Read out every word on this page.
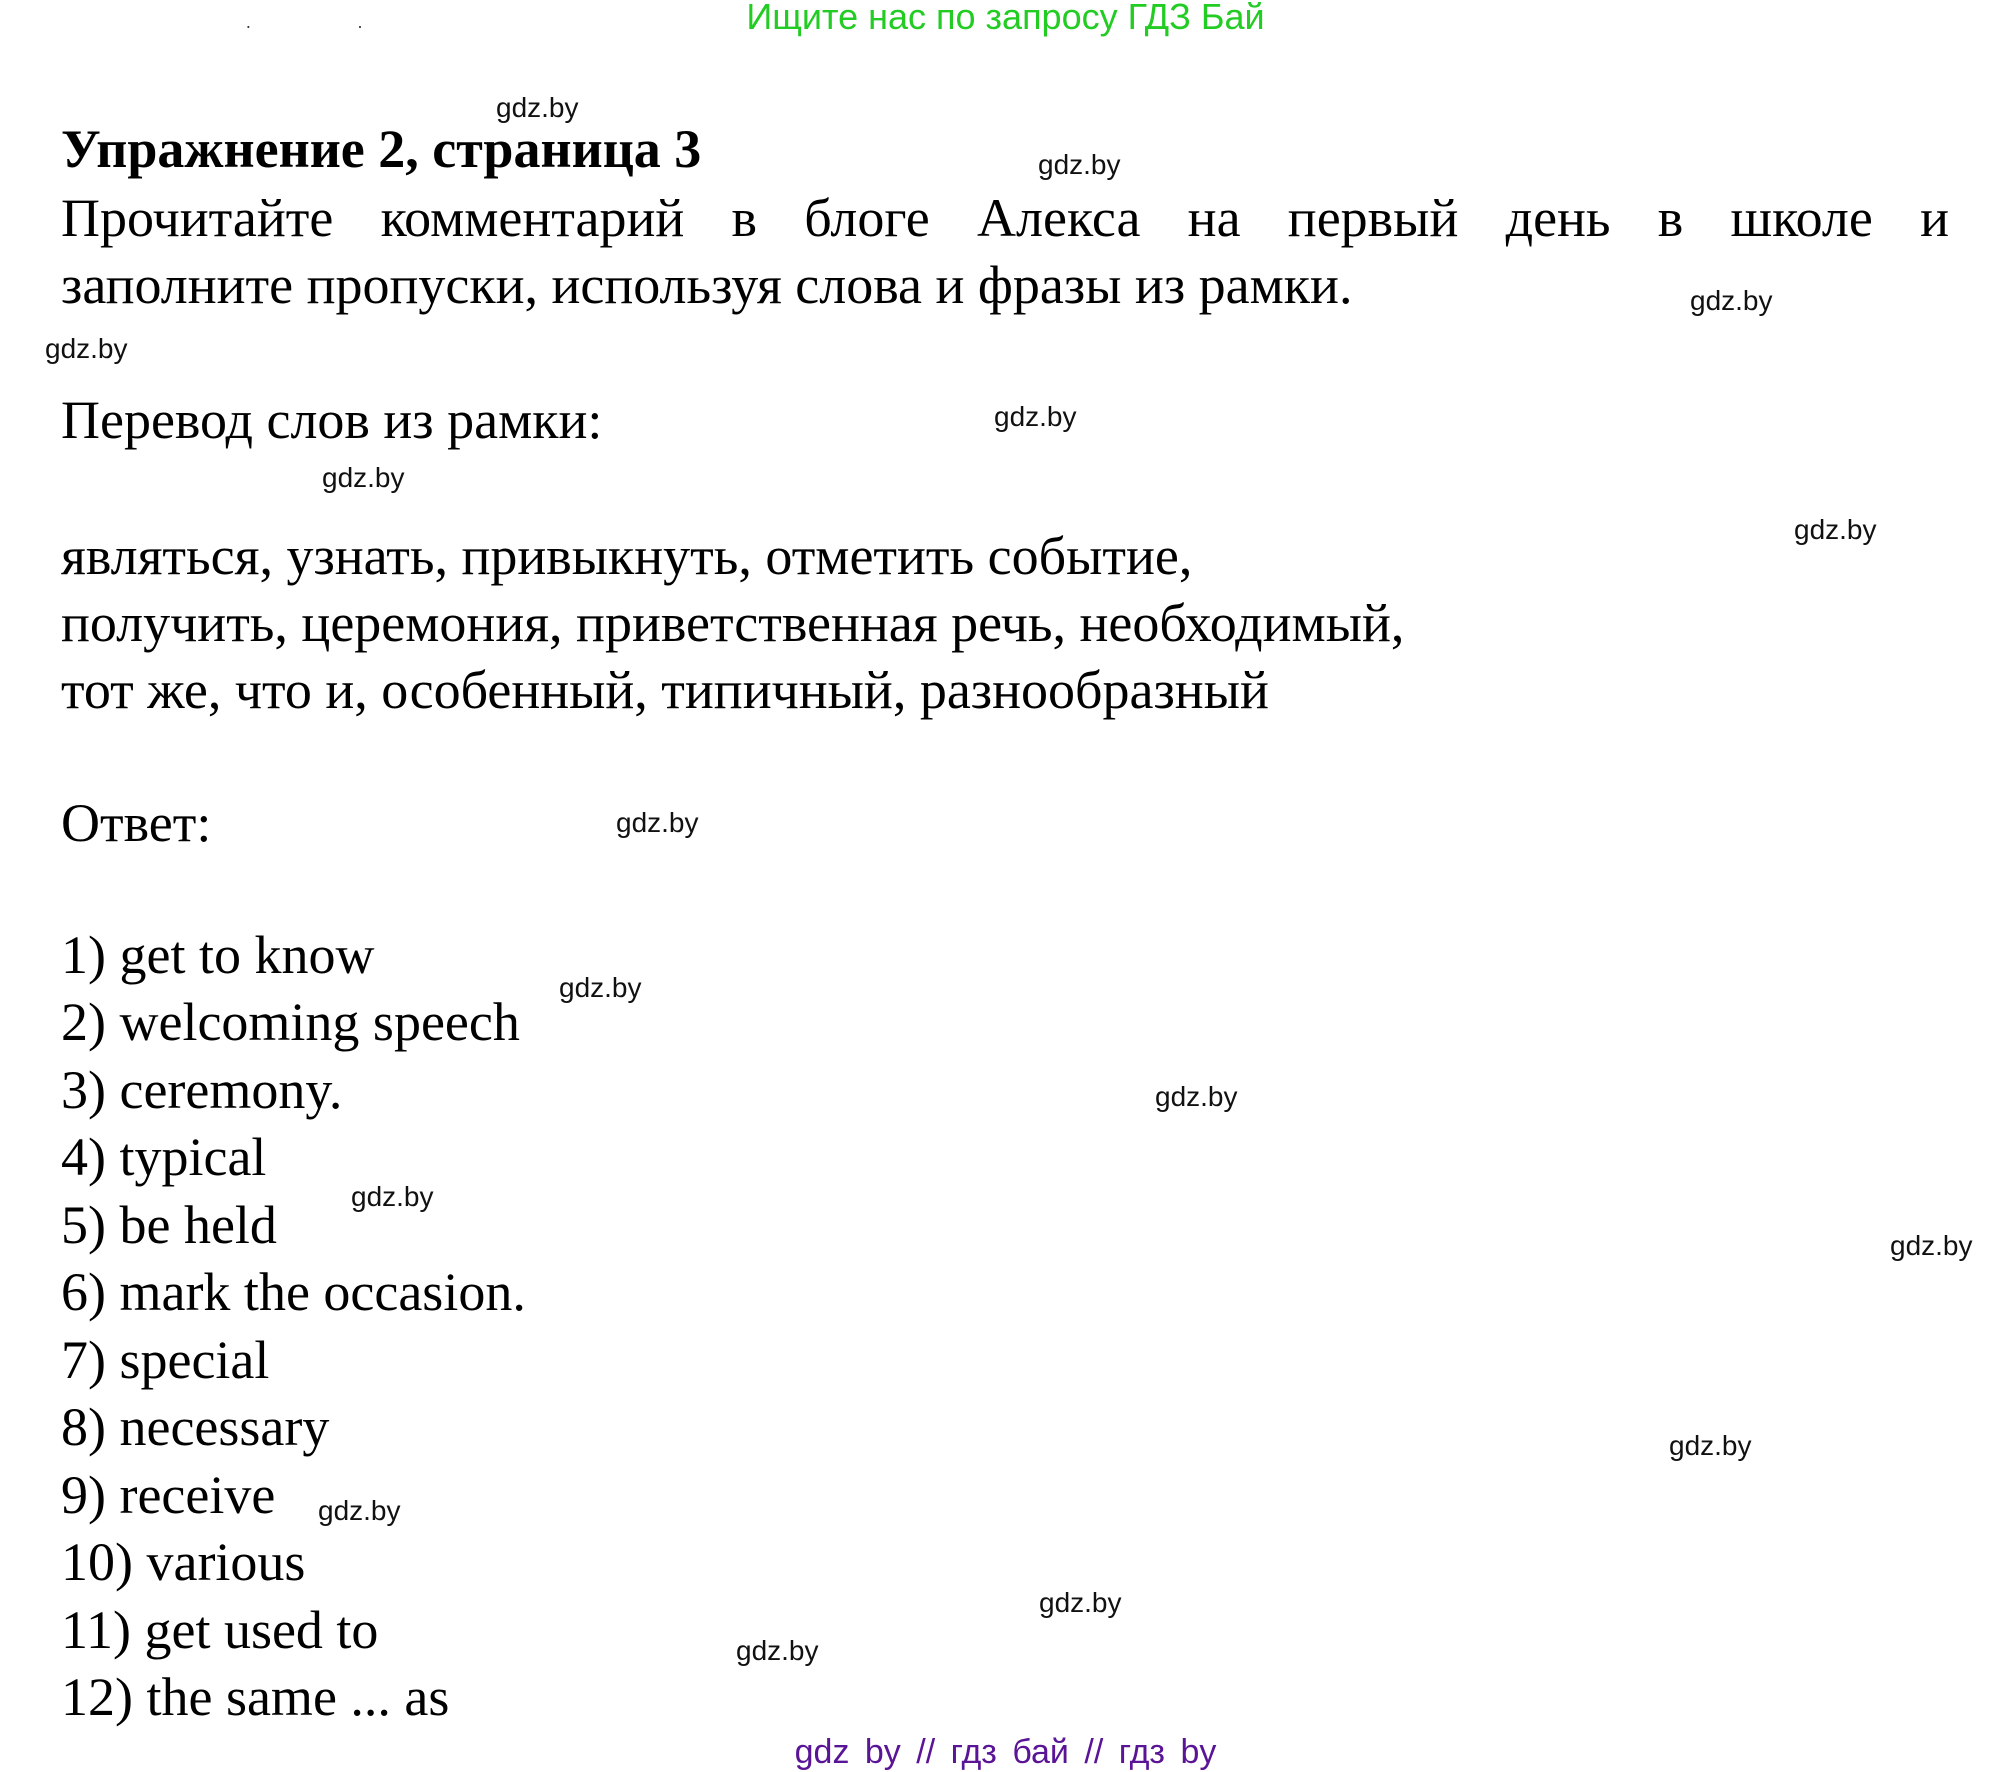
Ищите нас по запросу ГДЗ Бай
˙ ˙
Упражнение 2, страница 3
Прочитайте комментарий в блоге Алекса на первый день в школе и
заполните пропуски, используя слова и фразы из рамки.
Перевод слов из рамки:
являться, узнать, привыкнуть, отметить событие,
получить, церемония, приветственная речь, необходимый,
тот же, что и, особенный, типичный, разнообразный
Ответ:
1) get to know
2) welcoming speech
3) ceremony.
4) typical
5) be held
6) mark the occasion.
7) special
8) necessary
9) receive
10) various
11) get used to
12) the same ... as
gdz.by
gdz.by
gdz.by
gdz.by
gdz.by
gdz.by
gdz.by
gdz.by
gdz.by
gdz.by
gdz.by
gdz.by
gdz.by
gdz.by
gdz.by
gdz.by
gdz by // гдз бай // гдз by
